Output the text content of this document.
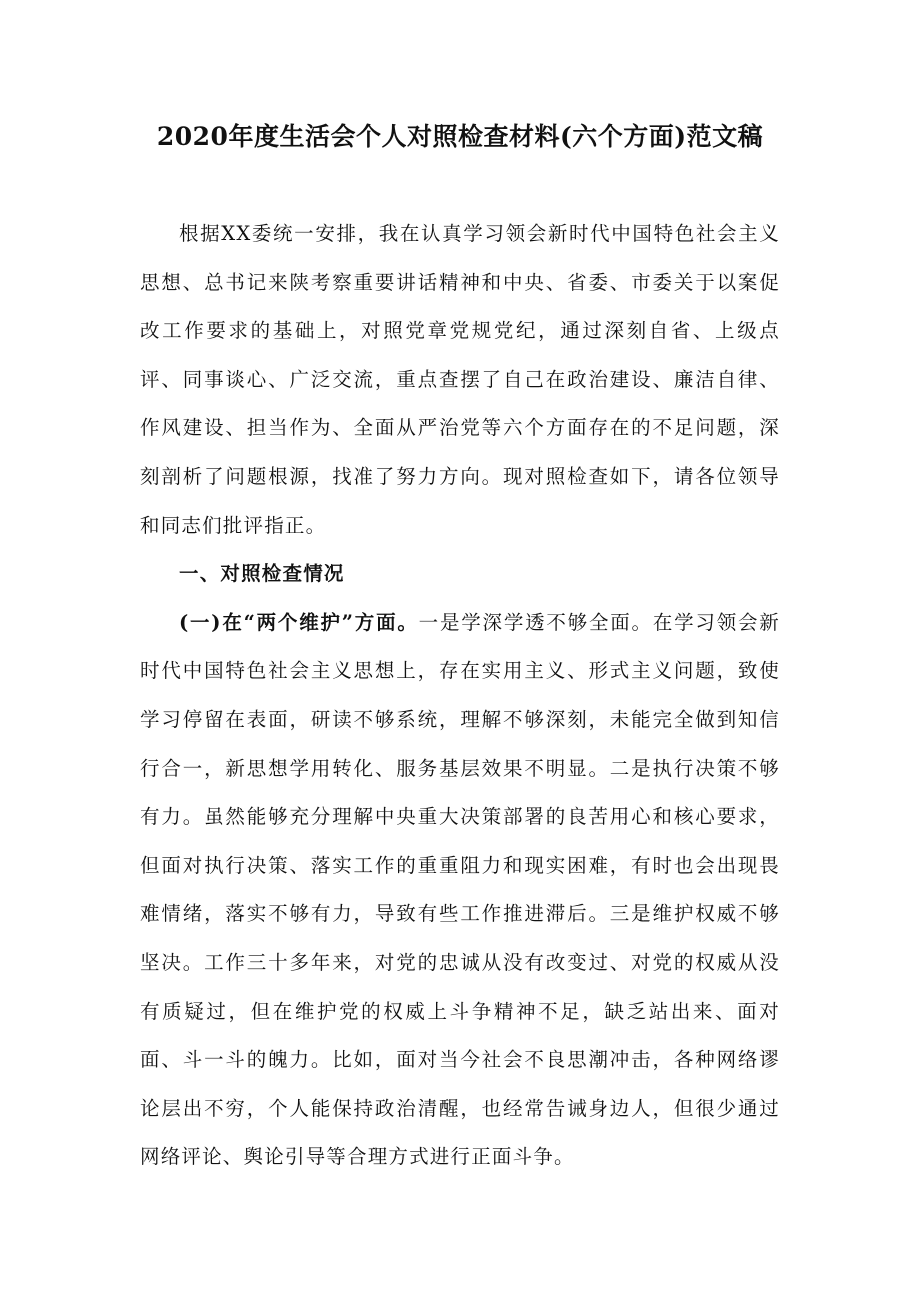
2020年度生活会个人对照检查材料(六个方面)范文稿

根据XX委统一安排，我在认真学习领会新时代中国特色社会主义思想、总书记来陕考察重要讲话精神和中央、省委、市委关于以案促改工作要求的基础上，对照党章党规党纪，通过深刻自省、上级点评、同事谈心、广泛交流，重点查摆了自己在政治建设、廉洁自律、作风建设、担当作为、全面从严治党等六个方面存在的不足问题，深刻剖析了问题根源，找准了努力方向。现对照检查如下，请各位领导和同志们批评指正。

一、对照检查情况

(一)在“两个维护”方面。一是学深学透不够全面。在学习领会新时代中国特色社会主义思想上，存在实用主义、形式主义问题，致使学习停留在表面，研读不够系统，理解不够深刻，未能完全做到知信行合一，新思想学用转化、服务基层效果不明显。二是执行决策不够有力。虽然能够充分理解中央重大决策部署的良苦用心和核心要求，但面对执行决策、落实工作的重重阻力和现实困难，有时也会出现畏难情绪，落实不够有力，导致有些工作推进滞后。三是维护权威不够坚决。工作三十多年来，对党的忠诚从没有改变过、对党的权威从没有质疑过，但在维护党的权威上斗争精神不足，缺乏站出来、面对面、斗一斗的魄力。比如，面对当今社会不良思潮冲击，各种网络谬论层出不穷，个人能保持政治清醒，也经常告诫身边人，但很少通过网络评论、舆论引导等合理方式进行正面斗争。
